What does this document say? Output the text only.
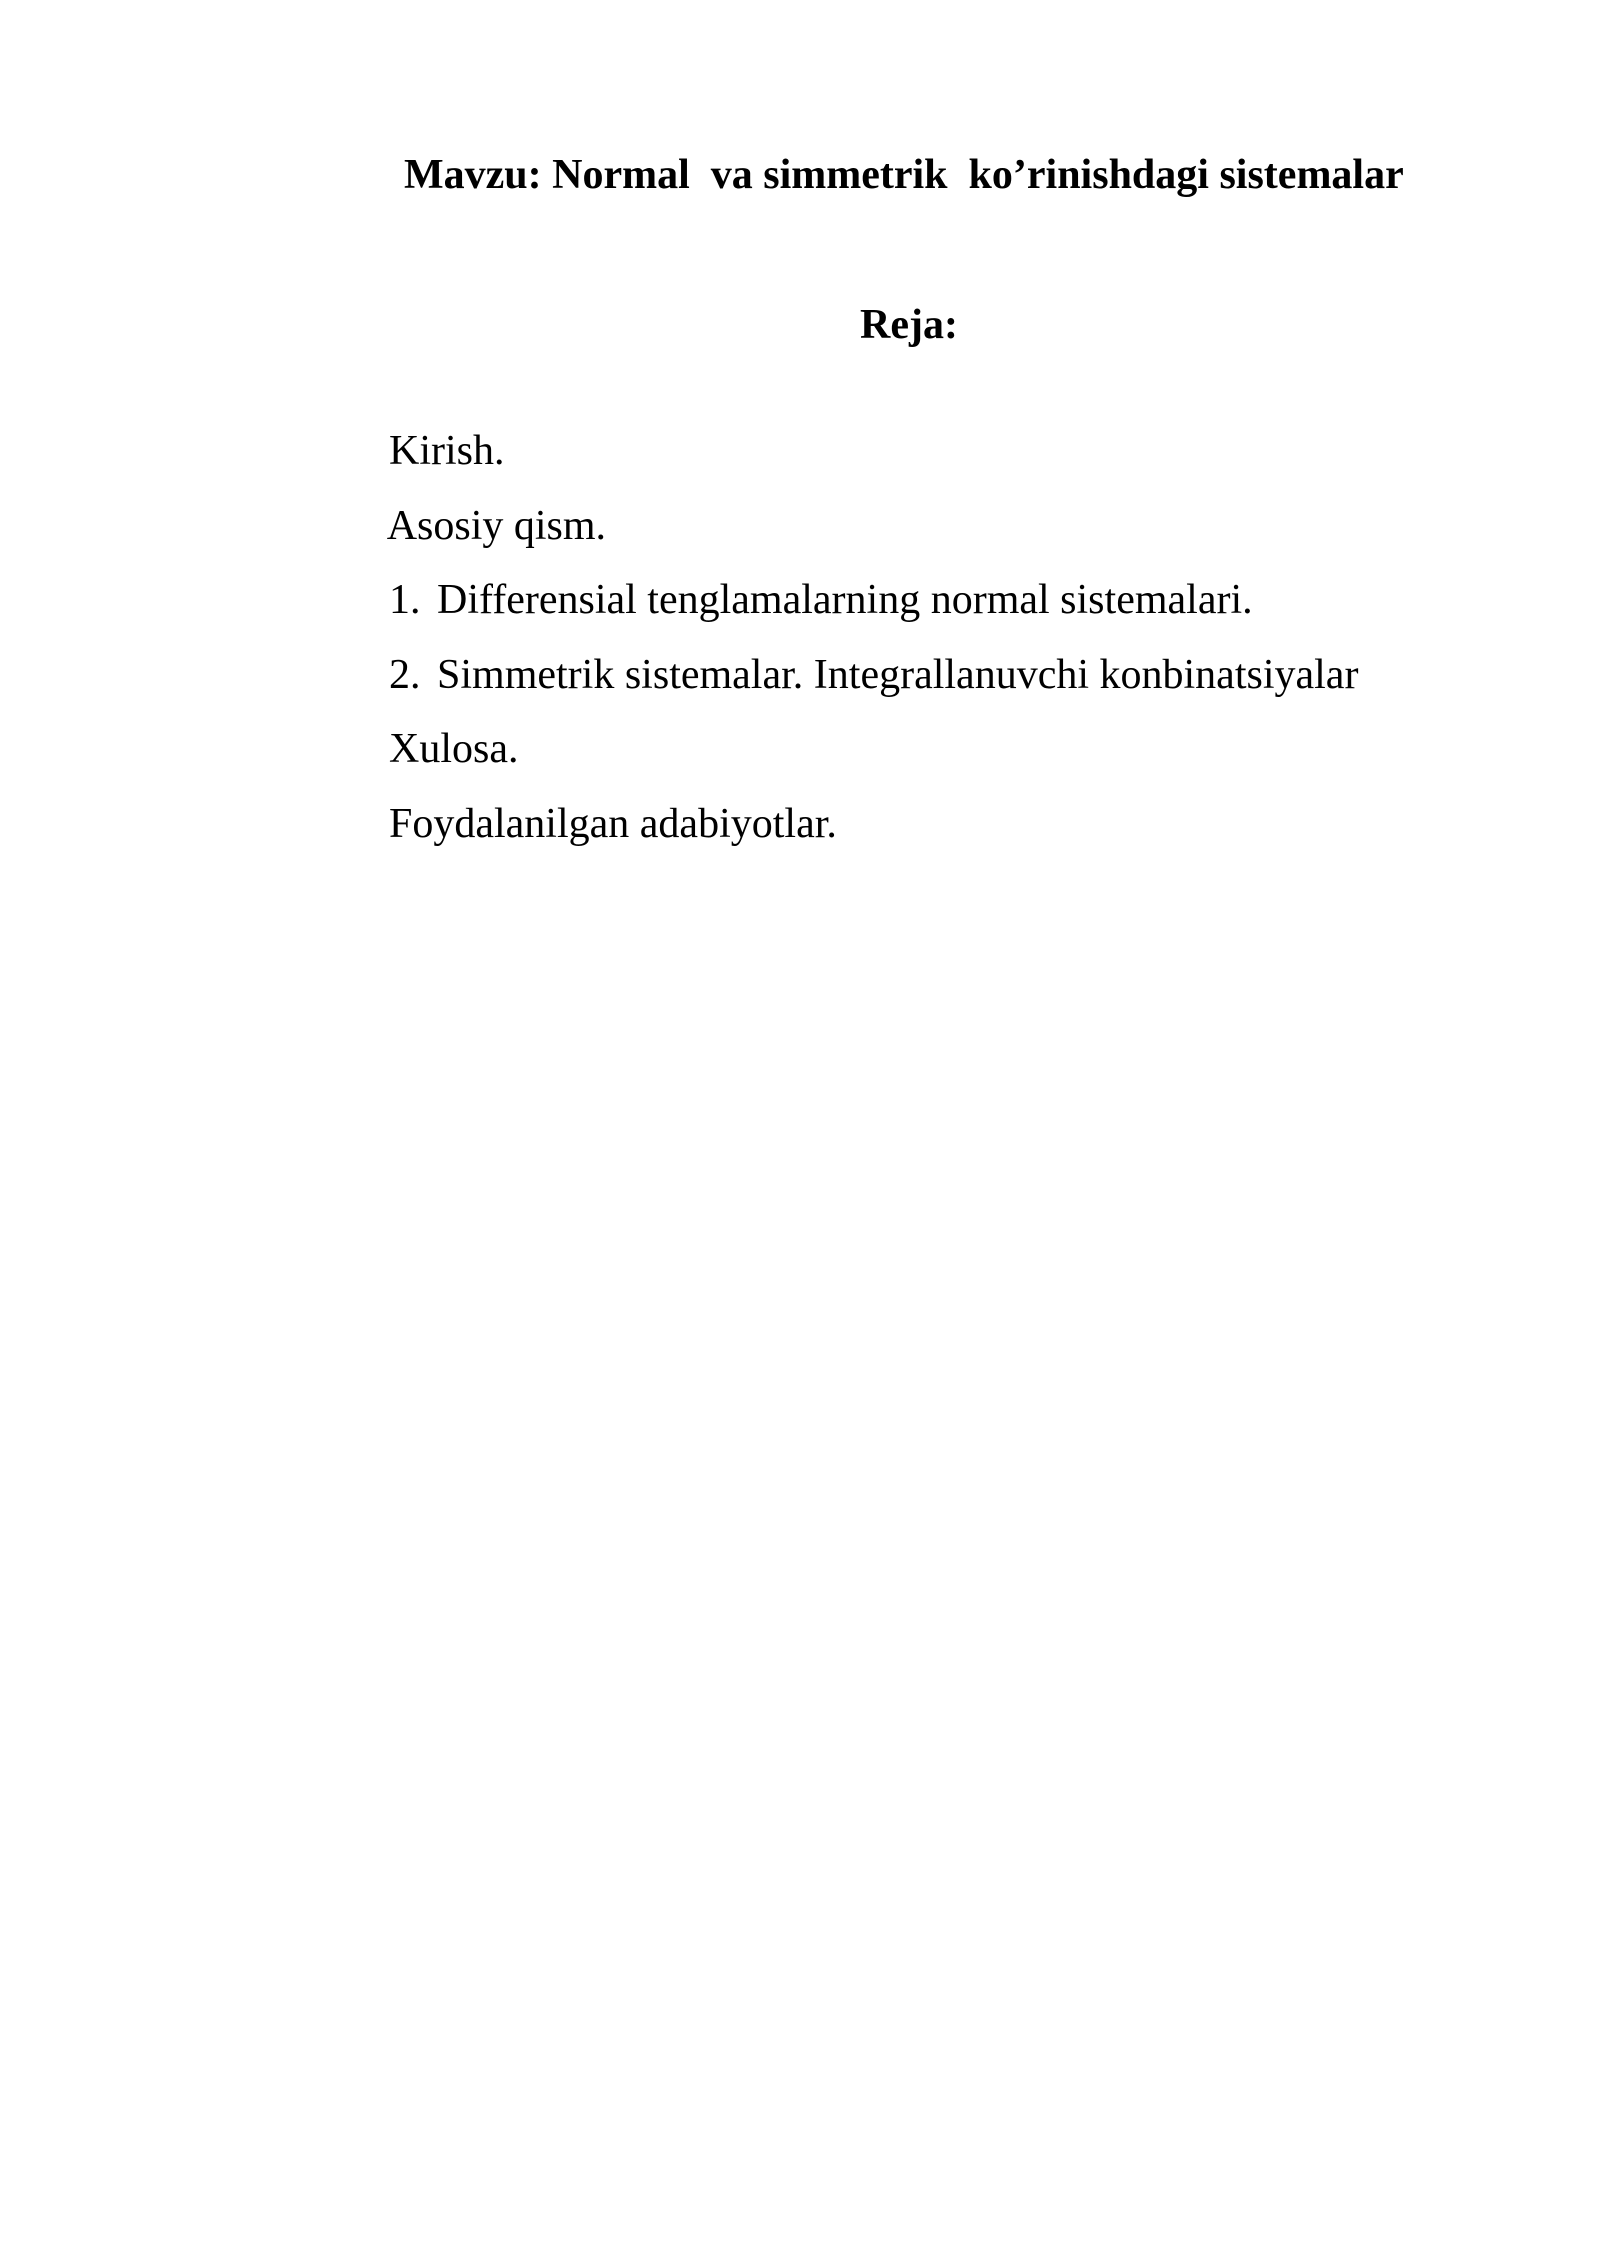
Mavzu: Normal  va simmetrik  ko’rinishdagi sistemalar
Reja:

Kirish.

Asosiy qism.

1. Differensial tenglamalarning normal sistemalari.

2. Simmetrik sistemalar. Integrallanuvchi konbinatsiyalar

Xulosa.

Foydalanilgan adabiyotlar.
